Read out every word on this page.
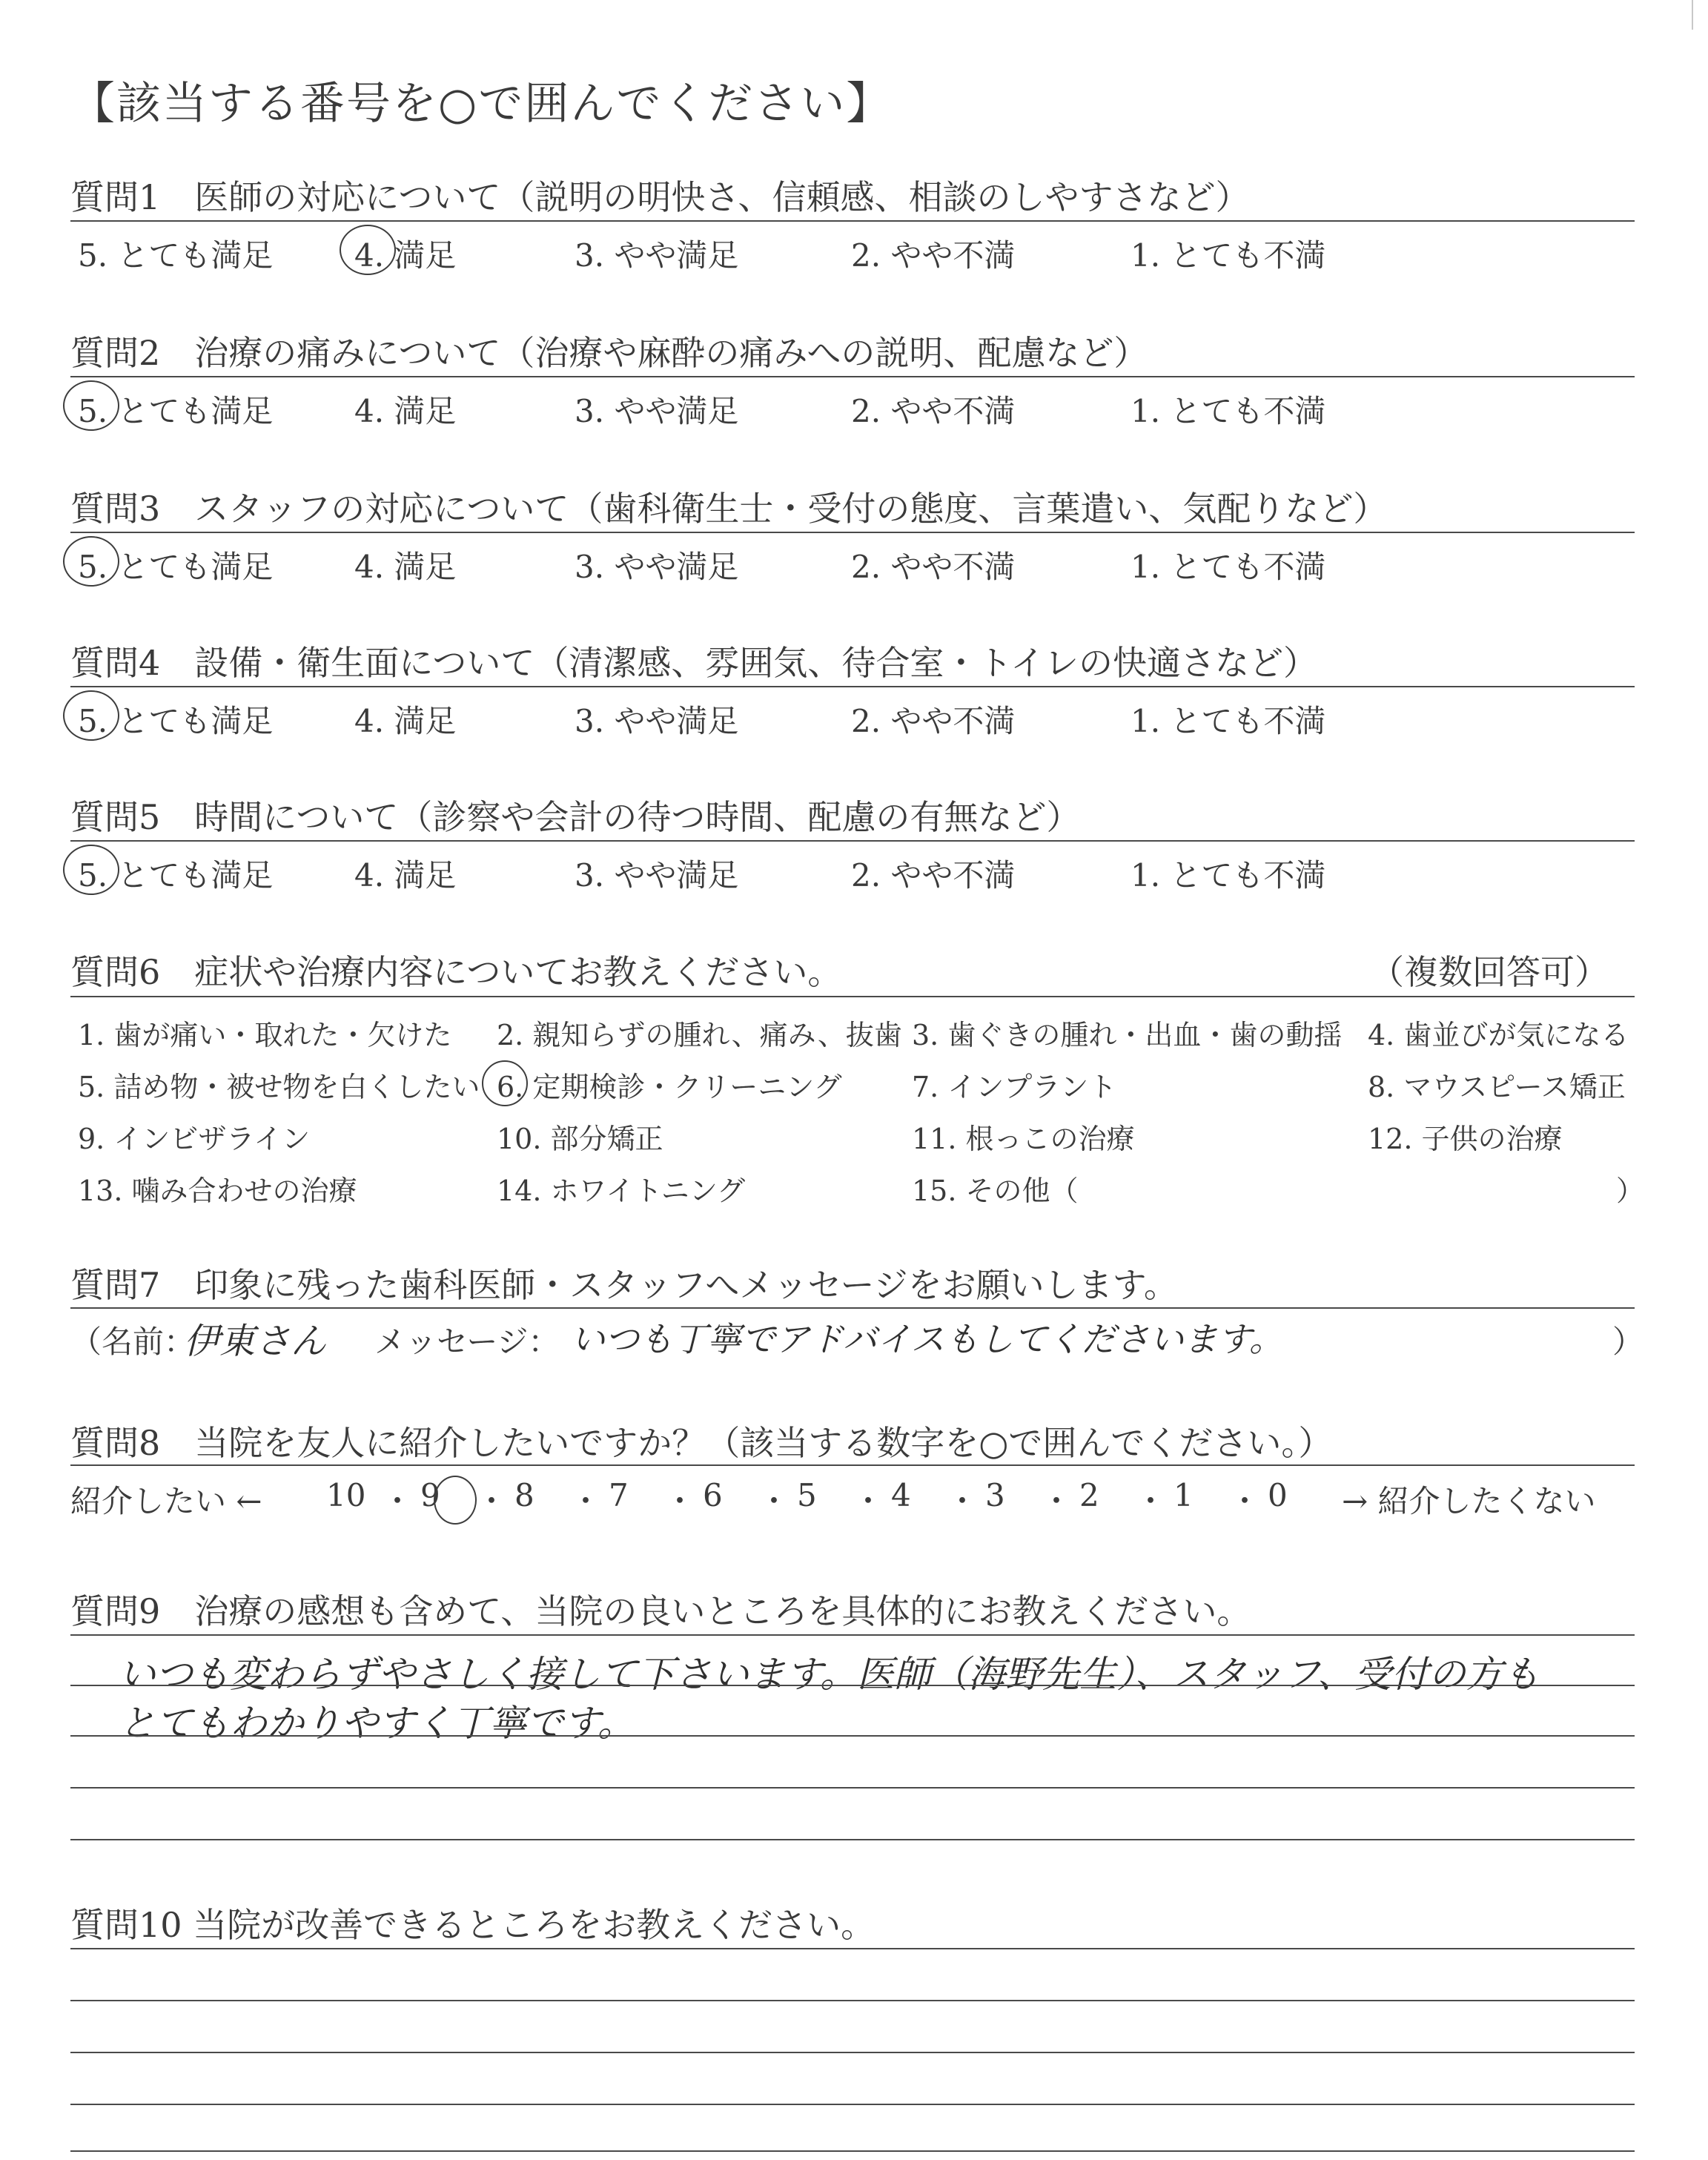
【該当する番号を○で囲んでください】
質問1　医師の対応について（説明の明快さ、信頼感、相談のしやすさなど）
5. とても満足	4. 満足	3. やや満足	2. やや不満	1. とても不満
質問2　治療の痛みについて（治療や麻酔の痛みへの説明、配慮など）
5. とても満足	4. 満足	3. やや満足	2. やや不満	1. とても不満
質問3　スタッフの対応について（歯科衛生士・受付の態度、言葉遣い、気配りなど）
5. とても満足	4. 満足	3. やや満足	2. やや不満	1. とても不満
質問4　設備・衛生面について（清潔感、雰囲気、待合室・トイレの快適さなど）
5. とても満足	4. 満足	3. やや満足	2. やや不満	1. とても不満
質問5　時間について（診察や会計の待つ時間、配慮の有無など）
5. とても満足	4. 満足	3. やや満足	2. やや不満	1. とても不満
質問6　症状や治療内容についてお教えください。	（複数回答可）
1. 歯が痛い・取れた・欠けた 2. 親知らずの腫れ、痛み、抜歯 3. 歯ぐきの腫れ・出血・歯の動揺 4. 歯並びが気になる
5. 詰め物・被せ物を白くしたい 6. 定期検診・クリーニング 7. インプラント	8. マウスピース矯正
9. インビザライン	10. 部分矯正	11. 根っこの治療	12. 子供の治療
13. 噛み合わせの治療	14. ホワイトニング	15. その他（	）
質問7　印象に残った歯科医師・スタッフへメッセージをお願いします。
（名前：
伊東さん メッセージ： いつも丁寧でアドバイスもしてくださいます。	）
質問8　当院を友人に紹介したいですか？（該当する数字を○で囲んでください。）
紹介したい ←	→ 紹介したくない
10 ・ 9 ・ 8 ・ 7 ・ 6 ・ 5 ・ 4 ・ 3 ・ 2 ・ 1 ・ 0
質問9　治療の感想も含めて、当院の良いところを具体的にお教えください。
いつも変わらずやさしく接して下さいます。医師（海野先生）、スタッフ、受付の方も
とてもわかりやすく丁寧です。
質問10 当院が改善できるところをお教えください。
